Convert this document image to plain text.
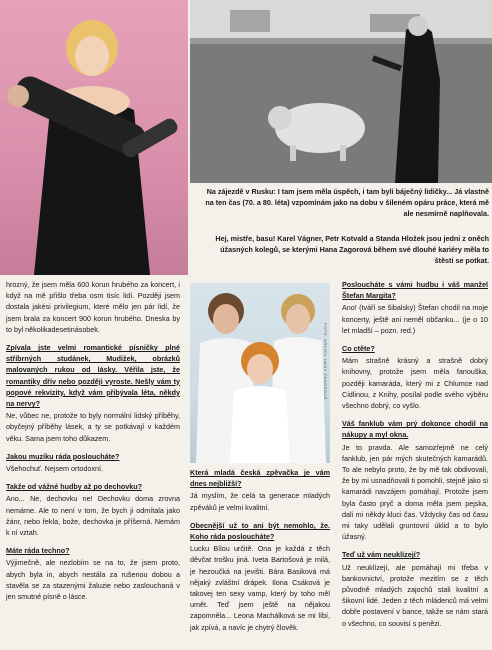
Na zájezdě v Rusku: I tam jsem měla úspěch, i tam byli báječný lidičky... Já vlastně na ten čas (70. a 80. léta) vzpomínám jako na dobu v šíleném opáru práce, která mě ale nesmírně naplňovala.
Hej, mistře, basu! Karel Vágner, Petr Kotvald a Standa Hložek jsou jedni z oněch úžasných kolegů, se kterými Hana Zagorová během své dlouhé kariéry měla to štěstí se potkat.
FOTO: ARCHIV HANY ZAGOROVÉ
hrozný, že jsem měla 600 korun hrubého za koncert, i když na mě přišlo třeba osm tisíc lidí. Později jsem dostala jakési privilegium, které mělo jen pár lidí, že jsem brala za koncert 900 korun hrubého. Dneska by to byl několikadesetinásobek.
Zpívala jste velmi romantické písničky plné stříbrných studánek, Mudižek, obrázků malovaných rukou od lásky. Věřila jste, že romantiky dřív nebo později vyroste. Nešly vám ty popové rekvizity, když vám přibývala léta, někdy na nervy?
Ne, vůbec ne, protože to byly normální lidský příběhy, obyčejný příběhy lásek, a ty se potkávají v každém věku. Sama jsem toho důkazem.
Jakou muziku ráda posloucháte?
Všehochuť. Nejsem ortodoxní.
Takže od vážné hudby až po dechovku?
Ano... Ne, dechovku ne! Dechovku doma zrovna nemáme. Ale to není v tom, že bych ji odmítala jako žánr, nebo řekla, bože, dechovka je příšerná. Nemám k ní vztah.
Máte ráda techno?
Výjimečně, ale nezlobím se na to, že jsem proto, abych byla in, abych nestála za rušenou dobou a stavěla se za stazenými žaluzie nebo zaslouchaná v jen smutné písně o lásce.
Která mladá česká zpěvačka je vám dnes nejbližší?
Já myslím, že celá ta generace mladých zpěváků je velmi kvalitní.
Obecnější už to ani být nemohlo, že. Koho ráda posloucháte?
Lucku Bílou určitě. Ona je každá z těch děvčat trošku jiná. Iveta Bartošová je milá, je hezoučká na jevišti. Bára Basiková má nějaký zvláštní drápek. Ilona Csáková je takovej ten sexy vamp, který by toho měl umět. Teď jsem ještě na nějakou zapomněla... Leona Machálková se mi líbí, jak zpívá, a navíc je chytrý člověk.
Posloucháte s vámi hudbu i váš manžel Štefan Margita?
Ano! (tváří se šibalsky) Štefan chodil na moje koncerty, ještě ani neměl občanku... (je o 10 let mladší – pozn. red.)
Co ctěte?
Mám strašně krásný a strašně dobrý knihovny, protože jsem měla fanouška, později kamaráda, který mi z Chlumce nad Cidlinou, z Knihy, posílal podle svého výběru všechno dobrý, co vyšlo.
Váš fanklub vám prý dokonce chodil na nákupy a myl okna.
Je to pravda. Ale samozřejmě ne celý fanklub, jen pár mých skutečných kamarádů. To ale nebylo proto, že by mě tak obdivovali, že by mi usnadňovali ti pomohli, stejně jako si kamarádi navzájem pomáhají. Protože jsem byla často pryč a doma měla jsem pejska, dali mi někdy kluci čas. Vždycky čas od času mi taky udělali gruntovní úklid a to bylo úžasný.
Teď už vám neuklízejí?
Už neuklízejí, ale pomáhají mi třeba v bankovnictví, protože mezitím se z těch původně mladých zajochů stali kvalitní a šikovní lidé. Jeden z těch mládenců má velmi dobře postavení v bance, takže se nám stará o všechno, co souvisí s penězi.
